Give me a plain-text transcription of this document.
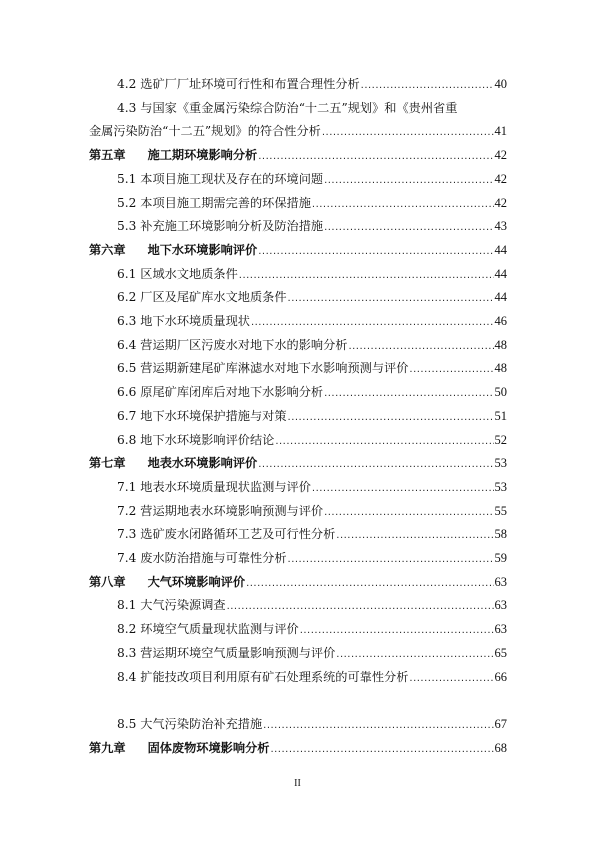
4.2 选矿厂厂址环境可行性和布置合理性分析 .....	40
4.3 与国家《重金属污染综合防治“十二五”规划》和《贵州省重
金属污染防治“十二五”规划》的符合性分析 .....	41
第五章 施工期环境影响分析 .....	42
5.1 本项目施工现状及存在的环境问题 .....	42
5.2 本项目施工期需完善的环保措施 .....	42
5.3 补充施工环境影响分析及防治措施 .....	43
第六章 地下水环境影响评价 .....	44
6.1 区域水文地质条件 .....	44
6.2 厂区及尾矿库水文地质条件 .....	44
6.3 地下水环境质量现状 .....	46
6.4 营运期厂区污废水对地下水的影响分析 .....	48
6.5 营运期新建尾矿库淋滤水对地下水影响预测与评价 .....	48
6.6 原尾矿库闭库后对地下水影响分析 .....	50
6.7 地下水环境保护措施与对策 .....	51
6.8 地下水环境影响评价结论 .....	52
第七章 地表水环境影响评价 .....	53
7.1 地表水环境质量现状监测与评价 .....	53
7.2 营运期地表水环境影响预测与评价 .....	55
7.3 选矿废水闭路循环工艺及可行性分析 .....	58
7.4 废水防治措施与可靠性分析 .....	59
第八章 大气环境影响评价 .....	63
8.1 大气污染源调查 .....	63
8.2 环境空气质量现状监测与评价 .....	63
8.3 营运期环境空气质量影响预测与评价 .....	65
8.4 扩能技改项目利用原有矿石处理系统的可靠性分析 .....	66
8.5 大气污染防治补充措施 .....	67
第九章 固体废物环境影响分析 .....	68
II
